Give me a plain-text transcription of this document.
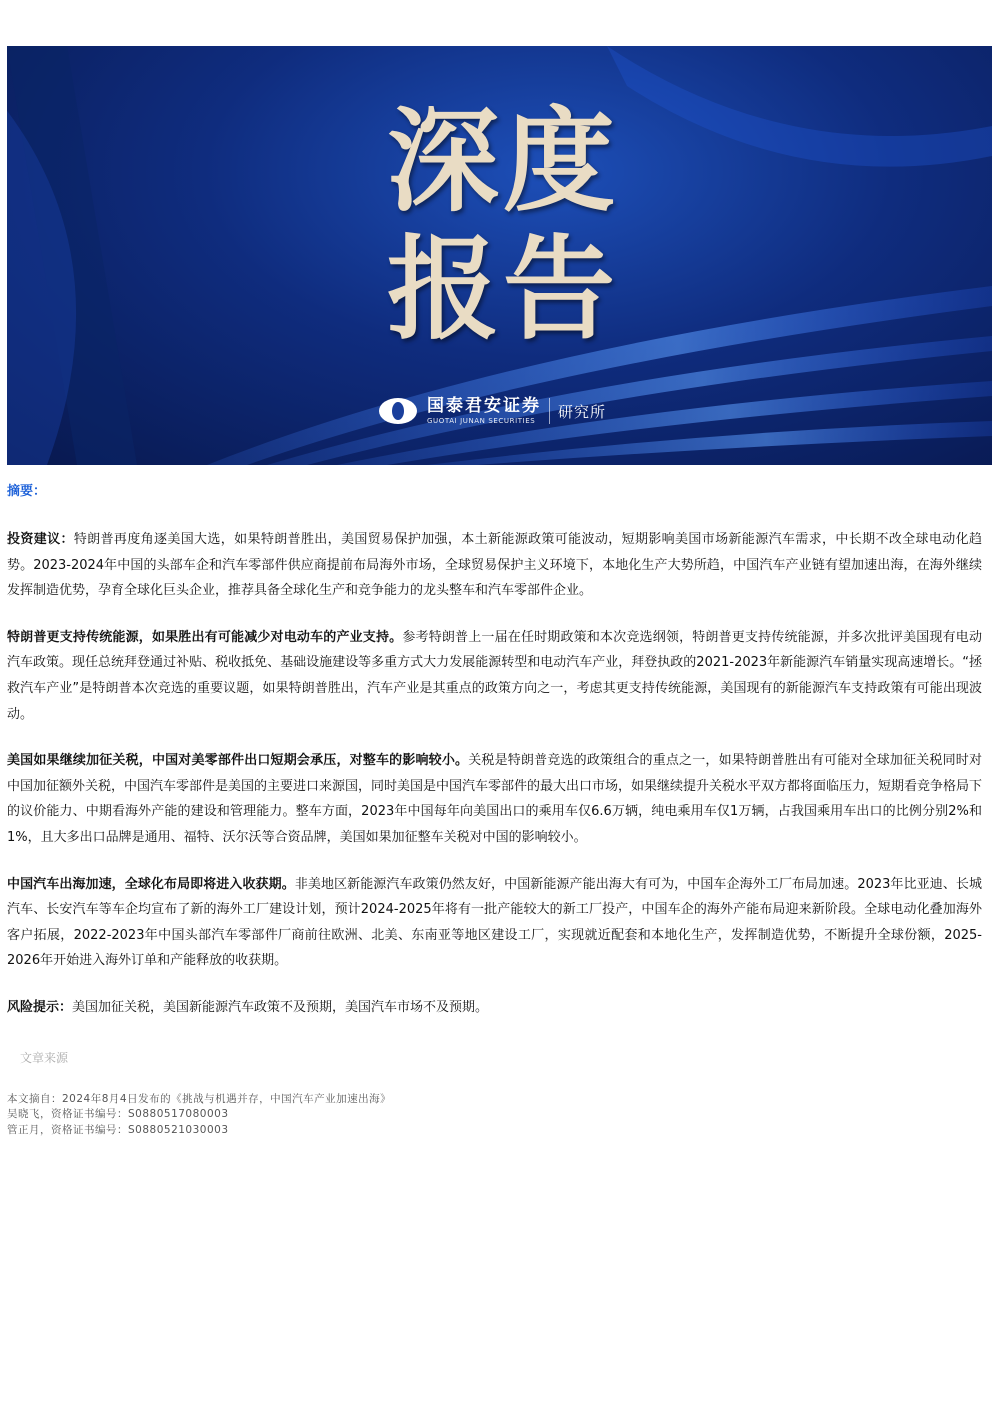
深度
报告
国泰君安证券
GUOTAI JUNAN SECURITIES
研究所
摘要：

投资建议：特朗普再度角逐美国大选，如果特朗普胜出，美国贸易保护加强，本土新能源政策可能波动，短期影响美国市场新能源汽车需求，中长期不改全球电动化趋势。2023-2024年中国的头部车企和汽车零部件供应商提前布局海外市场，全球贸易保护主义环境下，本地化生产大势所趋，中国汽车产业链有望加速出海，在海外继续发挥制造优势，孕育全球化巨头企业，推荐具备全球化生产和竞争能力的龙头整车和汽车零部件企业。

特朗普更支持传统能源，如果胜出有可能减少对电动车的产业支持。参考特朗普上一届在任时期政策和本次竞选纲领，特朗普更支持传统能源，并多次批评美国现有电动汽车政策。现任总统拜登通过补贴、税收抵免、基础设施建设等多重方式大力发展能源转型和电动汽车产业，拜登执政的2021-2023年新能源汽车销量实现高速增长。“拯救汽车产业”是特朗普本次竞选的重要议题，如果特朗普胜出，汽车产业是其重点的政策方向之一，考虑其更支持传统能源，美国现有的新能源汽车支持政策有可能出现波动。

美国如果继续加征关税，中国对美零部件出口短期会承压，对整车的影响较小。关税是特朗普竞选的政策组合的重点之一，如果特朗普胜出有可能对全球加征关税同时对中国加征额外关税，中国汽车零部件是美国的主要进口来源国，同时美国是中国汽车零部件的最大出口市场，如果继续提升关税水平双方都将面临压力，短期看竞争格局下的议价能力、中期看海外产能的建设和管理能力。整车方面，2023年中国每年向美国出口的乘用车仅6.6万辆，纯电乘用车仅1万辆，占我国乘用车出口的比例分别2%和1%，且大多出口品牌是通用、福特、沃尔沃等合资品牌，美国如果加征整车关税对中国的影响较小。

中国汽车出海加速，全球化布局即将进入收获期。非美地区新能源汽车政策仍然友好，中国新能源产能出海大有可为，中国车企海外工厂布局加速。2023年比亚迪、长城汽车、长安汽车等车企均宣布了新的海外工厂建设计划，预计2024-2025年将有一批产能较大的新工厂投产，中国车企的海外产能布局迎来新阶段。全球电动化叠加海外客户拓展，2022-2023年中国头部汽车零部件厂商前往欧洲、北美、东南亚等地区建设工厂，实现就近配套和本地化生产，发挥制造优势，不断提升全球份额，2025-2026年开始进入海外订单和产能释放的收获期。

风险提示：美国加征关税，美国新能源汽车政策不及预期，美国汽车市场不及预期。

文章来源
本文摘自：2024年8月4日发布的《挑战与机遇并存，中国汽车产业加速出海》
吴晓飞，资格证书编号：S0880517080003
管正月，资格证书编号：S0880521030003
